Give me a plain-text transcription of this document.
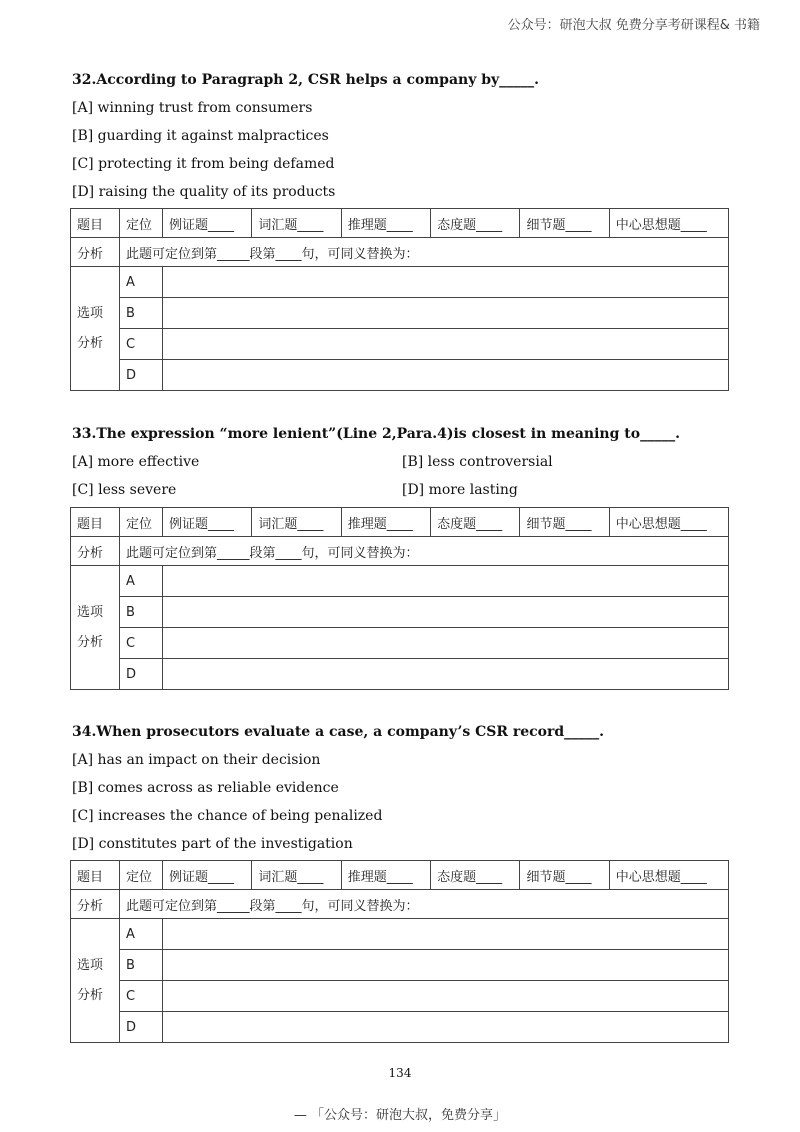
公众号：研泡大叔 免费分享考研课程& 书籍

32.According to Paragraph 2, CSR helps a company by_____.

[A] winning trust from consumers
[B] guarding it against malpractices
[C] protecting it from being defamed
[D] raising the quality of its products
题目	定位	例证题____	词汇题____	推理题____	态度题____	细节题____	中心思想题____
分析	此题可定位到第_____段第____句，可同义替换为：						
选项
分析	A						
	B						
	C						
	D						

33.The expression “more lenient”(Line 2,Para.4)is closest in meaning to_____.

[A] more effective	[B] less controversial
[C] less severe	[D] more lasting
题目	定位	例证题____	词汇题____	推理题____	态度题____	细节题____	中心思想题____
分析	此题可定位到第_____段第____句，可同义替换为：						
选项
分析	A						
	B						
	C						
	D						

34.When prosecutors evaluate a case, a company’s CSR record_____.

[A] has an impact on their decision
[B] comes across as reliable evidence
[C] increases the chance of being penalized
[D] constitutes part of the investigation
题目	定位	例证题____	词汇题____	推理题____	态度题____	细节题____	中心思想题____
分析	此题可定位到第_____段第____句，可同义替换为：						
选项
分析	A						
	B						
	C						
	D						
134
— 「公众号：研泡大叔，免费分享」
